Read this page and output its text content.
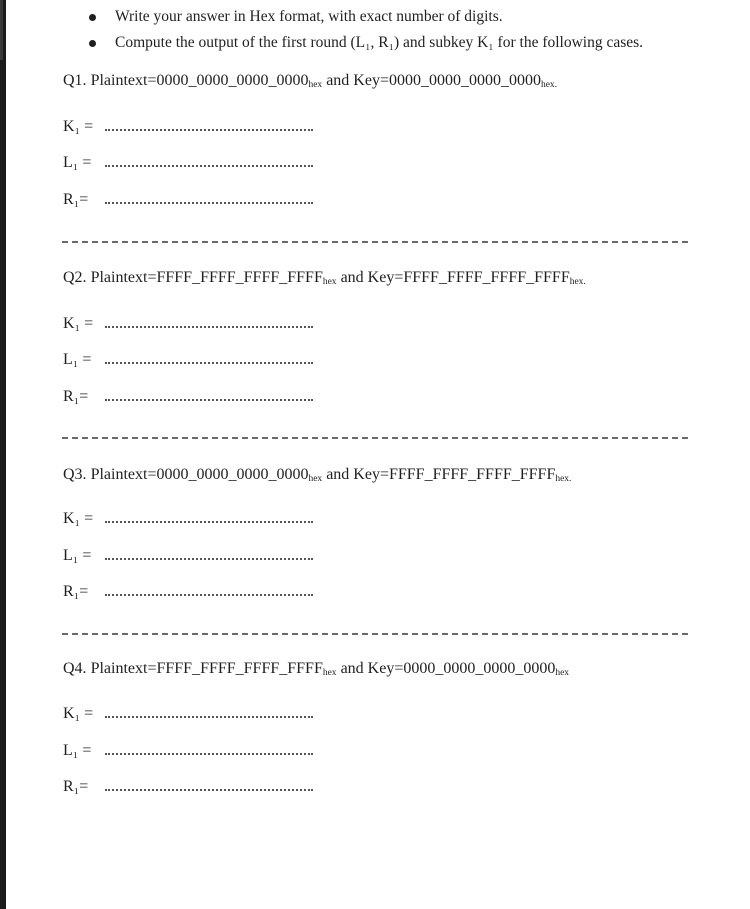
Write your answer in Hex format, with exact number of digits.
Compute the output of the first round (L₁, R₁) and subkey K₁ for the following cases.
Q1. $Plaintext=0000\_0000\_0000\_0000_{hex}$ and $Key=0000\_0000\_0000\_0000_{hex.}$
K₁ =
L₁ =
R₁=
Q2. $Plaintext=FFFF\_FFFF\_FFFF\_FFFF_{hex}$ and $Key=FFFF\_FFFF\_FFFF\_FFFF_{hex.}$
K₁ =
L₁ =
R₁=
Q3. $Plaintext=0000\_0000\_0000\_0000_{hex}$ and $Key=FFFF\_FFFF\_FFFF\_FFFF_{hex.}$
K₁ =
L₁ =
R₁=
Q4. $Plaintext=FFFF\_FFFF\_FFFF\_FFFF_{hex}$ and $Key=0000\_0000\_0000\_0000_{hex}$
K₁ =
L₁ =
R₁=
